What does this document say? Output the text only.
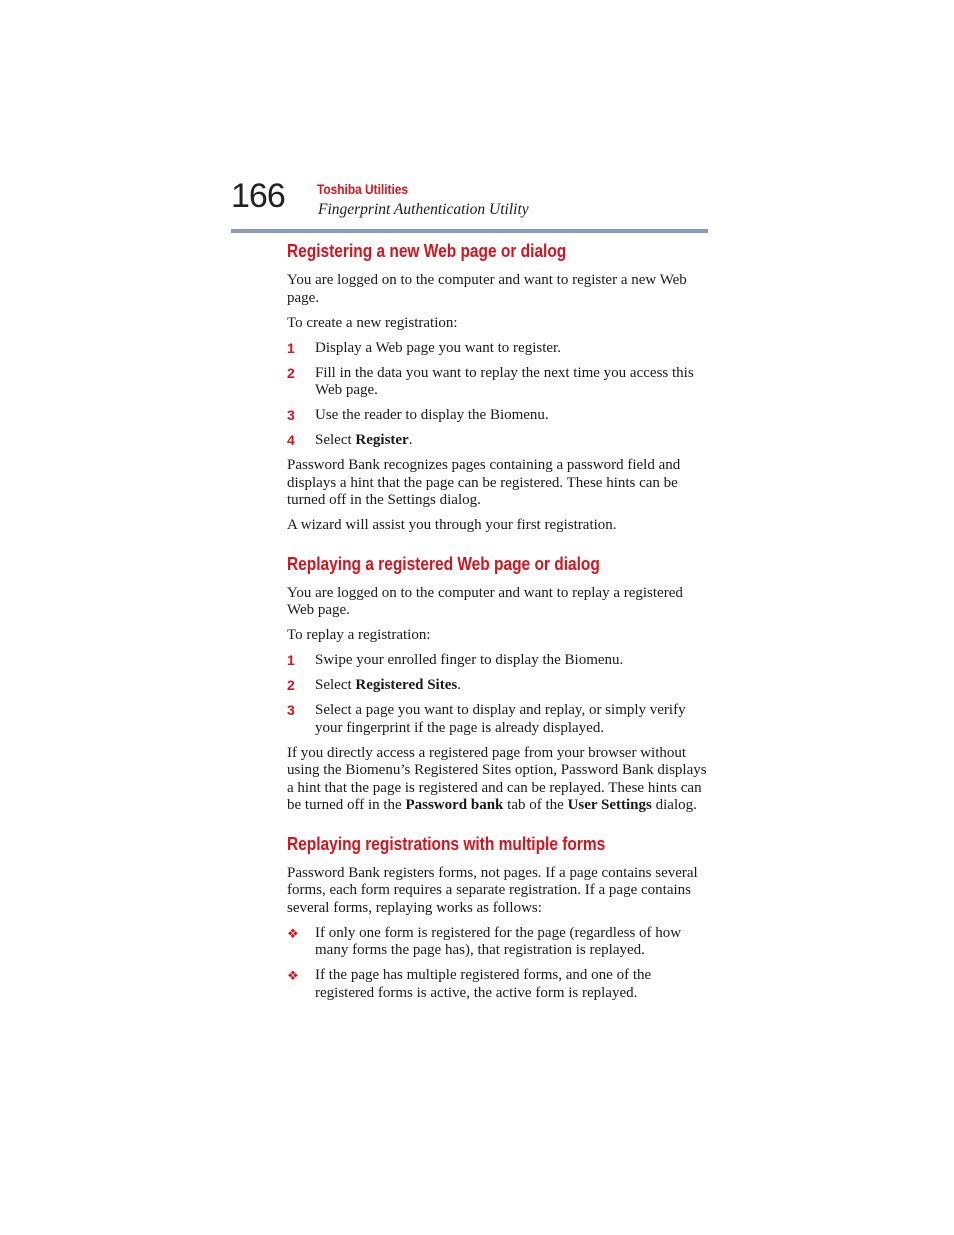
166 Toshiba Utilities
Fingerprint Authentication Utility
Registering a new Web page or dialog

You are logged on to the computer and want to register a new Web page.

To create a new registration:

1	Display a Web page you want to register.
2	Fill in the data you want to replay the next time you access this Web page.
3	Use the reader to display the Biomenu.
4	Select Register.

Password Bank recognizes pages containing a password field and displays a hint that the page can be registered. These hints can be turned off in the Settings dialog.

A wizard will assist you through your first registration.

Replaying a registered Web page or dialog

You are logged on to the computer and want to replay a registered Web page.

To replay a registration:

1	Swipe your enrolled finger to display the Biomenu.
2	Select Registered Sites.
3	Select a page you want to display and replay, or simply verify your fingerprint if the page is already displayed.

If you directly access a registered page from your browser without using the Biomenu’s Registered Sites option, Password Bank displays a hint that the page is registered and can be replayed. These hints can be turned off in the Password bank tab of the User Settings dialog.

Replaying registrations with multiple forms

Password Bank registers forms, not pages. If a page contains several forms, each form requires a separate registration. If a page contains several forms, replaying works as follows:

❖	If only one form is registered for the page (regardless of how many forms the page has), that registration is replayed.
❖	If the page has multiple registered forms, and one of the registered forms is active, the active form is replayed.
